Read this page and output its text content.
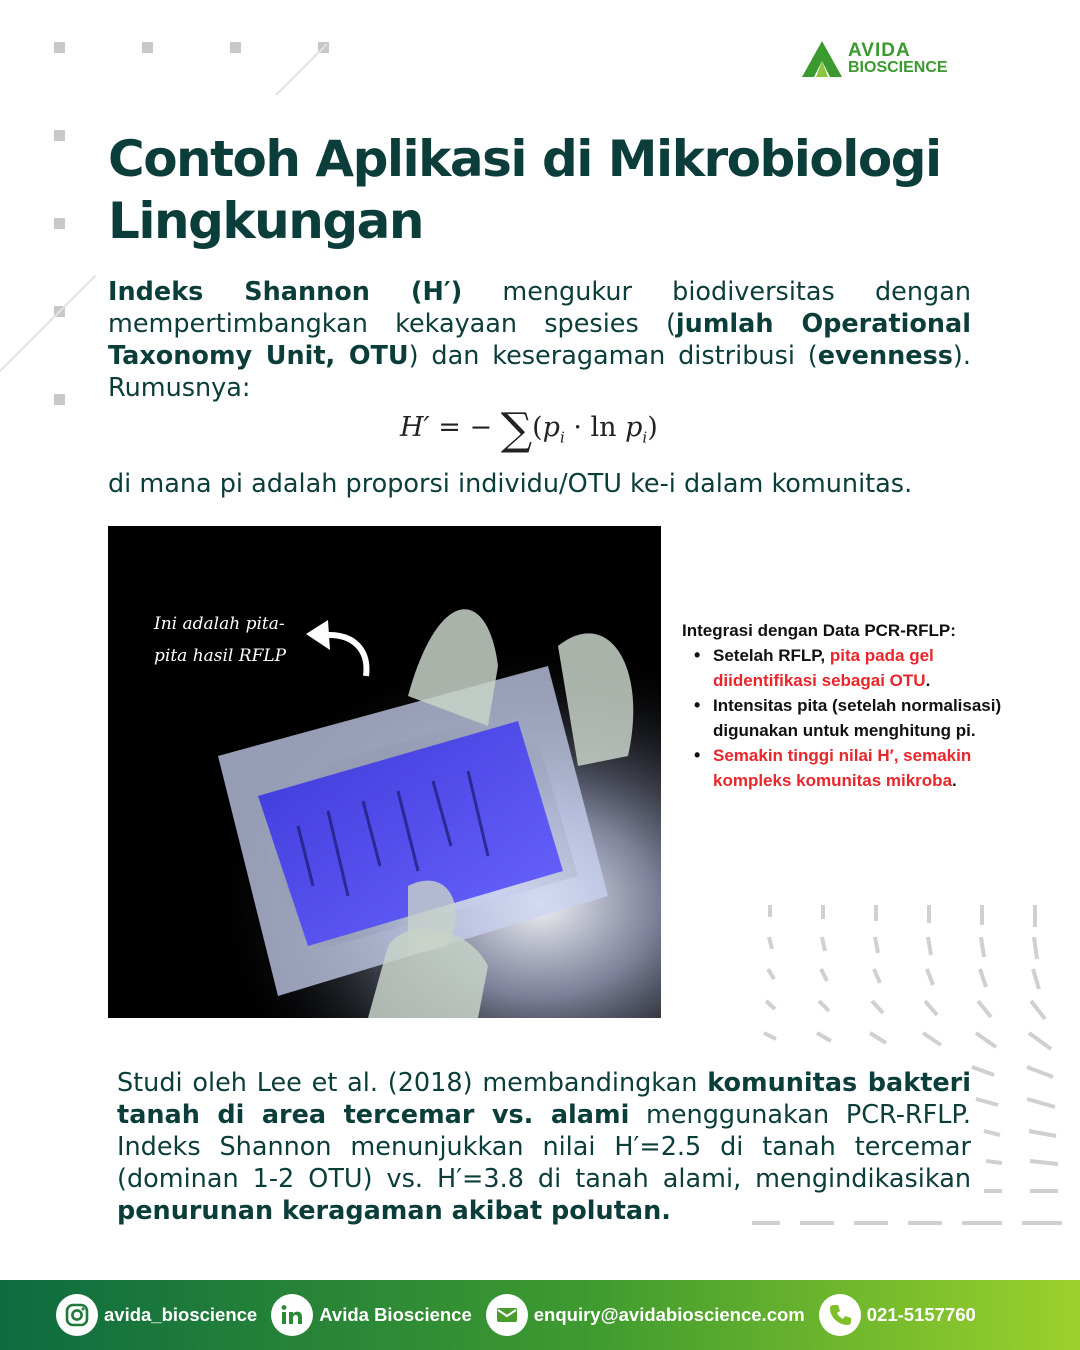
AVIDA
BIOSCIENCE
Contoh Aplikasi di Mikrobiologi
Lingkungan

Indeks Shannon (H′) mengukur biodiversitas dengan mempertimbangkan kekayaan spesies (jumlah Operational Taxonomy Unit, OTU) dan keseragaman distribusi (evenness). Rumusnya:

H′ = − $\sum(p_i \cdot \ln p_i)$

di mana pi adalah proporsi individu/OTU ke-i dalam komunitas.

Ini adalah pita-
pita hasil RFLP
Integrasi dengan Data PCR-RFLP:
• Setelah RFLP, pita pada gel diidentifikasi sebagai OTU.
• Intensitas pita (setelah normalisasi) digunakan untuk menghitung pi.
• Semakin tinggi nilai H′, semakin kompleks komunitas mikroba.

Studi oleh Lee et al. (2018) membandingkan komunitas bakteri tanah di area tercemar vs. alami menggunakan PCR-RFLP. Indeks Shannon menunjukkan nilai H′=2.5 di tanah tercemar (dominan 1-2 OTU) vs. H′=3.8 di tanah alami, mengindikasikan penurunan keragaman akibat polutan.

avida_bioscience	Avida Bioscience	enquiry@avidabioscience.com	021-5157760
